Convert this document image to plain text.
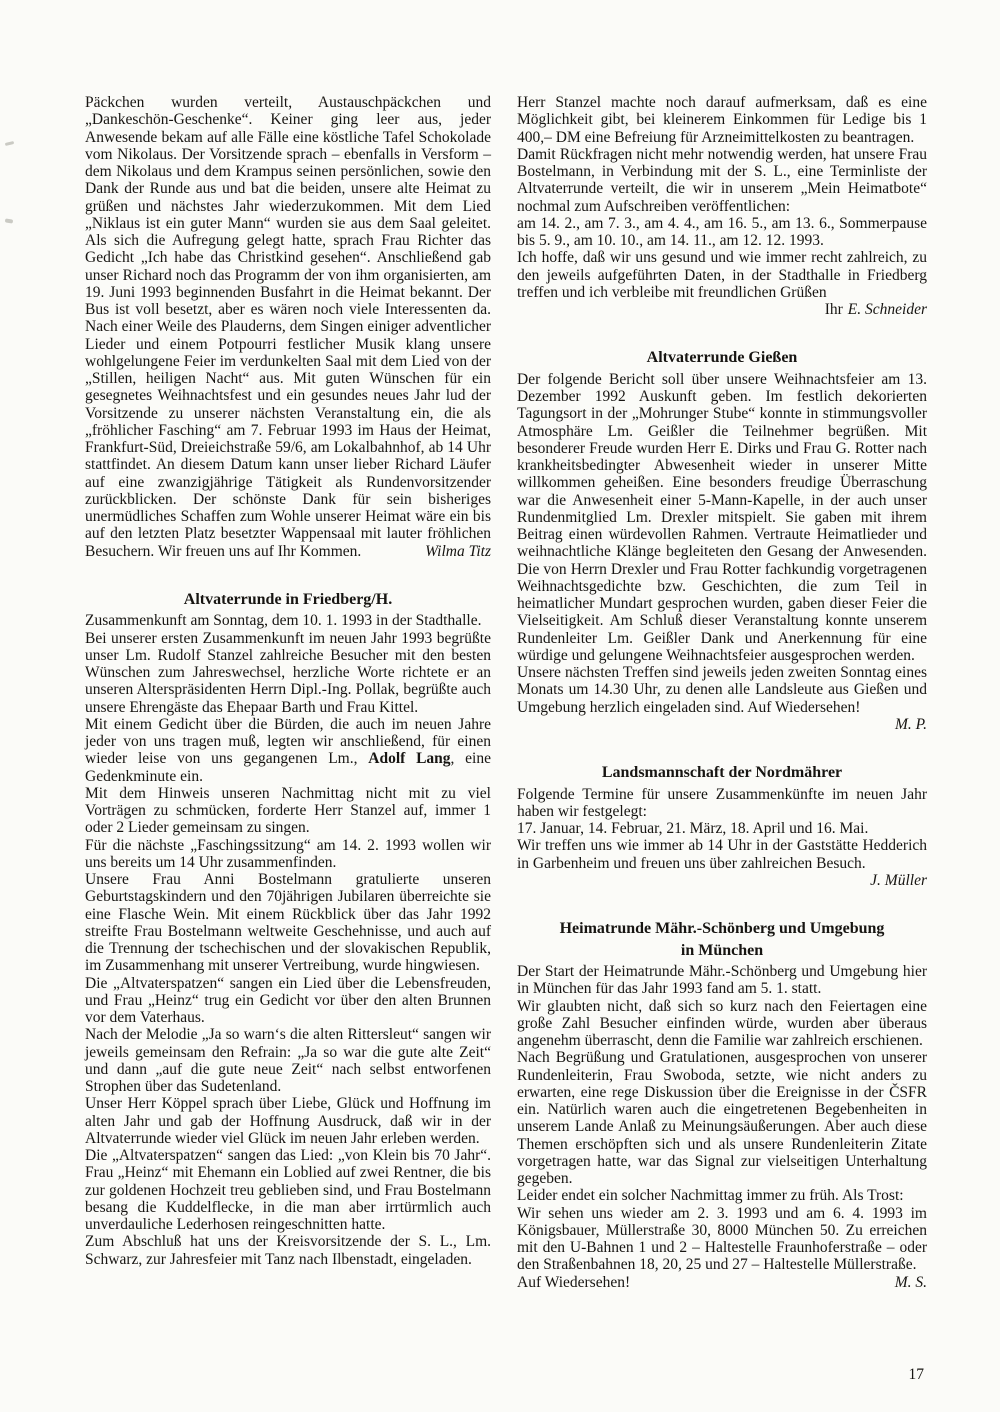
Päckchen wurden verteilt, Austauschpäckchen und „Dankeschön-Geschenke“. Keiner ging leer aus, jeder Anwesende bekam auf alle Fälle eine köstliche Tafel Schokolade vom Nikolaus. Der Vorsitzende sprach – ebenfalls in Versform – dem Nikolaus und dem Krampus seinen persönlichen, sowie den Dank der Runde aus und bat die beiden, unsere alte Heimat zu grüßen und nächstes Jahr wiederzukommen. Mit dem Lied „Niklaus ist ein guter Mann“ wurden sie aus dem Saal geleitet. Als sich die Aufregung gelegt hatte, sprach Frau Richter das Gedicht „Ich habe das Christkind gesehen“. Anschließend gab unser Richard noch das Programm der von ihm organisierten, am 19. Juni 1993 beginnenden Busfahrt in die Heimat bekannt. Der Bus ist voll besetzt, aber es wären noch viele Interessenten da. Nach einer Weile des Plauderns, dem Singen einiger adventlicher Lieder und einem Potpourri festlicher Musik klang unsere wohlgelungene Feier im verdunkelten Saal mit dem Lied von der „Stillen, heiligen Nacht“ aus. Mit guten Wünschen für ein gesegnetes Weihnachtsfest und ein gesundes neues Jahr lud der Vorsitzende zu unserer nächsten Veranstaltung ein, die als „fröhlicher Fasching“ am 7. Februar 1993 im Haus der Heimat, Frankfurt-Süd, Dreieichstraße 59/6, am Lokalbahnhof, ab 14 Uhr stattfindet. An diesem Datum kann unser lieber Richard Läufer auf eine zwanzigjährige Tätigkeit als Rundenvorsitzender zurückblicken. Der schönste Dank für sein bisheriges unermüdliches Schaffen zum Wohle unserer Heimat wäre ein bis auf den letzten Platz besetzter Wappensaal mit lauter fröhlichen Besuchern. Wir freuen uns auf Ihr Kommen.	Wilma Titz

Altvaterrunde in Friedberg/H.

Zusammenkunft am Sonntag, dem 10. 1. 1993 in der Stadthalle.

Bei unserer ersten Zusammenkunft im neuen Jahr 1993 begrüßte unser Lm. Rudolf Stanzel zahlreiche Besucher mit den besten Wünschen zum Jahreswechsel, herzliche Worte richtete er an unseren Alterspräsidenten Herrn Dipl.-Ing. Pollak, begrüßte auch unsere Ehrengäste das Ehepaar Barth und Frau Kittel.

Mit einem Gedicht über die Bürden, die auch im neuen Jahre jeder von uns tragen muß, legten wir anschließend, für einen wieder leise von uns gegangenen Lm., Adolf Lang, eine Gedenkminute ein.

Mit dem Hinweis unseren Nachmittag nicht mit zu viel Vorträgen zu schmücken, forderte Herr Stanzel auf, immer 1 oder 2 Lieder gemeinsam zu singen.

Für die nächste „Faschingssitzung“ am 14. 2. 1993 wollen wir uns bereits um 14 Uhr zusammenfinden.

Unsere Frau Anni Bostelmann gratulierte unseren Geburtstagskindern und den 70jährigen Jubilaren überreichte sie eine Flasche Wein. Mit einem Rückblick über das Jahr 1992 streifte Frau Bostelmann weltweite Geschehnisse, und auch auf die Trennung der tschechischen und der slovakischen Republik, im Zusammenhang mit unserer Vertreibung, wurde hingwiesen.

Die „Altvaterspatzen“ sangen ein Lied über die Lebensfreuden, und Frau „Heinz“ trug ein Gedicht vor über den alten Brunnen vor dem Vaterhaus.

Nach der Melodie „Ja so warn‘s die alten Rittersleut“ sangen wir jeweils gemeinsam den Refrain: „Ja so war die gute alte Zeit“ und dann „auf die gute neue Zeit“ nach selbst entworfenen Strophen über das Sudetenland.

Unser Herr Köppel sprach über Liebe, Glück und Hoffnung im alten Jahr und gab der Hoffnung Ausdruck, daß wir in der Altvaterrunde wieder viel Glück im neuen Jahr erleben werden.

Die „Altvaterspatzen“ sangen das Lied: „von Klein bis 70 Jahr“. Frau „Heinz“ mit Ehemann ein Loblied auf zwei Rentner, die bis zur goldenen Hochzeit treu geblieben sind, und Frau Bostelmann besang die Kuddelflecke, in die man aber irrtürmlich auch unverdauliche Lederhosen reingeschnitten hatte.

Zum Abschluß hat uns der Kreisvorsitzende der S. L., Lm. Schwarz, zur Jahresfeier mit Tanz nach Ilbenstadt, eingeladen.

Herr Stanzel machte noch darauf aufmerksam, daß es eine Möglichkeit gibt, bei kleinerem Einkommen für Ledige bis 1 400,– DM eine Befreiung für Arzneimittelkosten zu beantragen.

Damit Rückfragen nicht mehr notwendig werden, hat unsere Frau Bostelmann, in Verbindung mit der S. L., eine Terminliste der Altvaterrunde verteilt, die wir in unserem „Mein Heimatbote“ nochmal zum Aufschreiben veröffentlichen:

am 14. 2., am 7. 3., am 4. 4., am 16. 5., am 13. 6., Sommerpause bis 5. 9., am 10. 10., am 14. 11., am 12. 12. 1993.

Ich hoffe, daß wir uns gesund und wie immer recht zahlreich, zu den jeweils aufgeführten Daten, in der Stadthalle in Friedberg treffen und ich verbleibe mit freundlichen Grüßen

Ihr E. Schneider

Altvaterrunde Gießen

Der folgende Bericht soll über unsere Weihnachtsfeier am 13. Dezember 1992 Auskunft geben. Im festlich dekorierten Tagungsort in der „Mohrunger Stube“ konnte in stimmungsvoller Atmosphäre Lm. Geißler die Teilnehmer begrüßen. Mit besonderer Freude wurden Herr E. Dirks und Frau G. Rotter nach krankheitsbedingter Abwesenheit wieder in unserer Mitte willkommen geheißen. Eine besonders freudige Überraschung war die Anwesenheit einer 5-Mann-Kapelle, in der auch unser Rundenmitglied Lm. Drexler mitspielt. Sie gaben mit ihrem Beitrag einen würdevollen Rahmen. Vertraute Heimatlieder und weihnachtliche Klänge begleiteten den Gesang der Anwesenden. Die von Herrn Drexler und Frau Rotter fachkundig vorgetragenen Weihnachtsgedichte bzw. Geschichten, die zum Teil in heimatlicher Mundart gesprochen wurden, gaben dieser Feier die Vielseitigkeit. Am Schluß dieser Veranstaltung konnte unserem Rundenleiter Lm. Geißler Dank und Anerkennung für eine würdige und gelungene Weihnachtsfeier ausgesprochen werden.

Unsere nächsten Treffen sind jeweils jeden zweiten Sonntag eines Monats um 14.30 Uhr, zu denen alle Landsleute aus Gießen und Umgebung herzlich eingeladen sind. Auf Wiedersehen!

M. P.

Landsmannschaft der Nordmährer

Folgende Termine für unsere Zusammenkünfte im neuen Jahr haben wir festgelegt:

17. Januar, 14. Februar, 21. März, 18. April und 16. Mai.

Wir treffen uns wie immer ab 14 Uhr in der Gaststätte Hedderich in Garbenheim und freuen uns über zahlreichen Besuch.

J. Müller

Heimatrunde Mähr.-Schönberg und Umgebung
in München

Der Start der Heimatrunde Mähr.-Schönberg und Umgebung hier in München für das Jahr 1993 fand am 5. 1. statt.

Wir glaubten nicht, daß sich so kurz nach den Feiertagen eine große Zahl Besucher einfinden würde, wurden aber überaus angenehm überrascht, denn die Familie war zahlreich erschienen.

Nach Begrüßung und Gratulationen, ausgesprochen von unserer Rundenleiterin, Frau Swoboda, setzte, wie nicht anders zu erwarten, eine rege Diskussion über die Ereignisse in der ČSFR ein. Natürlich waren auch die eingetretenen Begebenheiten in unserem Lande Anlaß zu Meinungsäußerungen. Aber auch diese Themen erschöpften sich und als unsere Rundenleiterin Zitate vorgetragen hatte, war das Signal zur vielseitigen Unterhaltung gegeben.

Leider endet ein solcher Nachmittag immer zu früh. Als Trost:

Wir sehen uns wieder am 2. 3. 1993 und am 6. 4. 1993 im Königsbauer, Müllerstraße 30, 8000 München 50. Zu erreichen mit den U-Bahnen 1 und 2 – Haltestelle Fraunhoferstraße – oder den Straßenbahnen 18, 20, 25 und 27 – Haltestelle Müllerstraße.

Auf Wiedersehen!	M. S.
17
